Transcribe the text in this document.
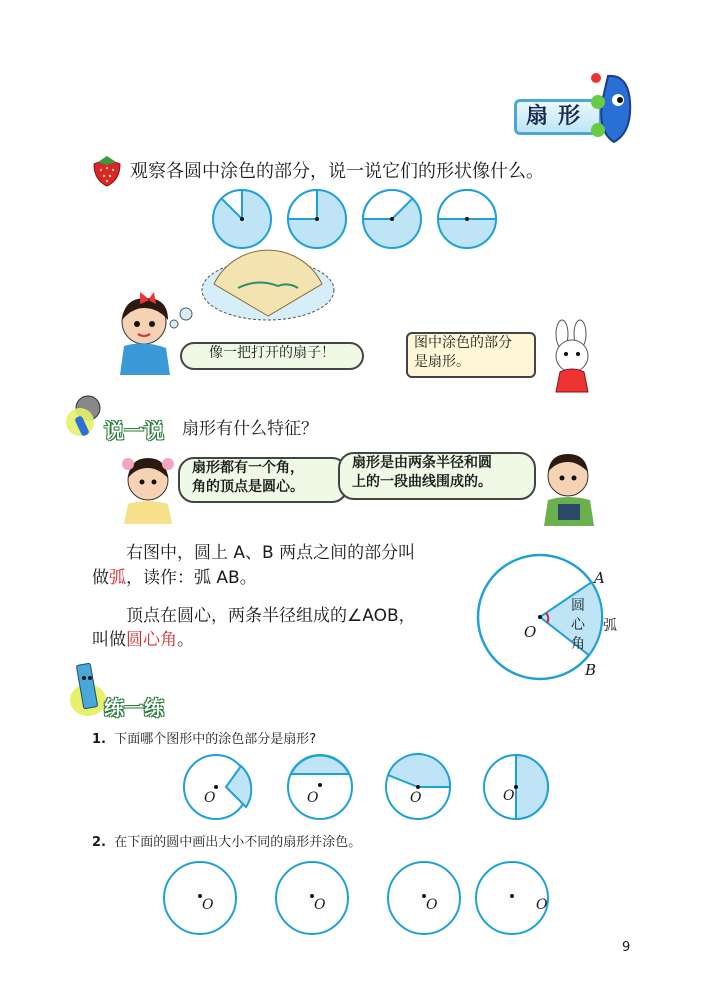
扇形
观察各圆中涂色的部分，说一说它们的形状像什么。
像一把打开的扇子！
图中涂色的部分
是扇形。
说一说 扇形有什么特征？
扇形都有一个角，
角的顶点是圆心。
扇形是由两条半径和圆
上的一段曲线围成的。
右图中，圆上 A、B 两点之间的部分叫
做弧，读作：弧 AB。
顶点在圆心，两条半径组成的∠AOB，
叫做圆心角。
A
B
O	弧
圆
心
角
练一练
1. 下面哪个图形中的涂色部分是扇形?
O	O	O	O
2. 在下面的圆中画出大小不同的扇形并涂色。
O	O	O	O
9
